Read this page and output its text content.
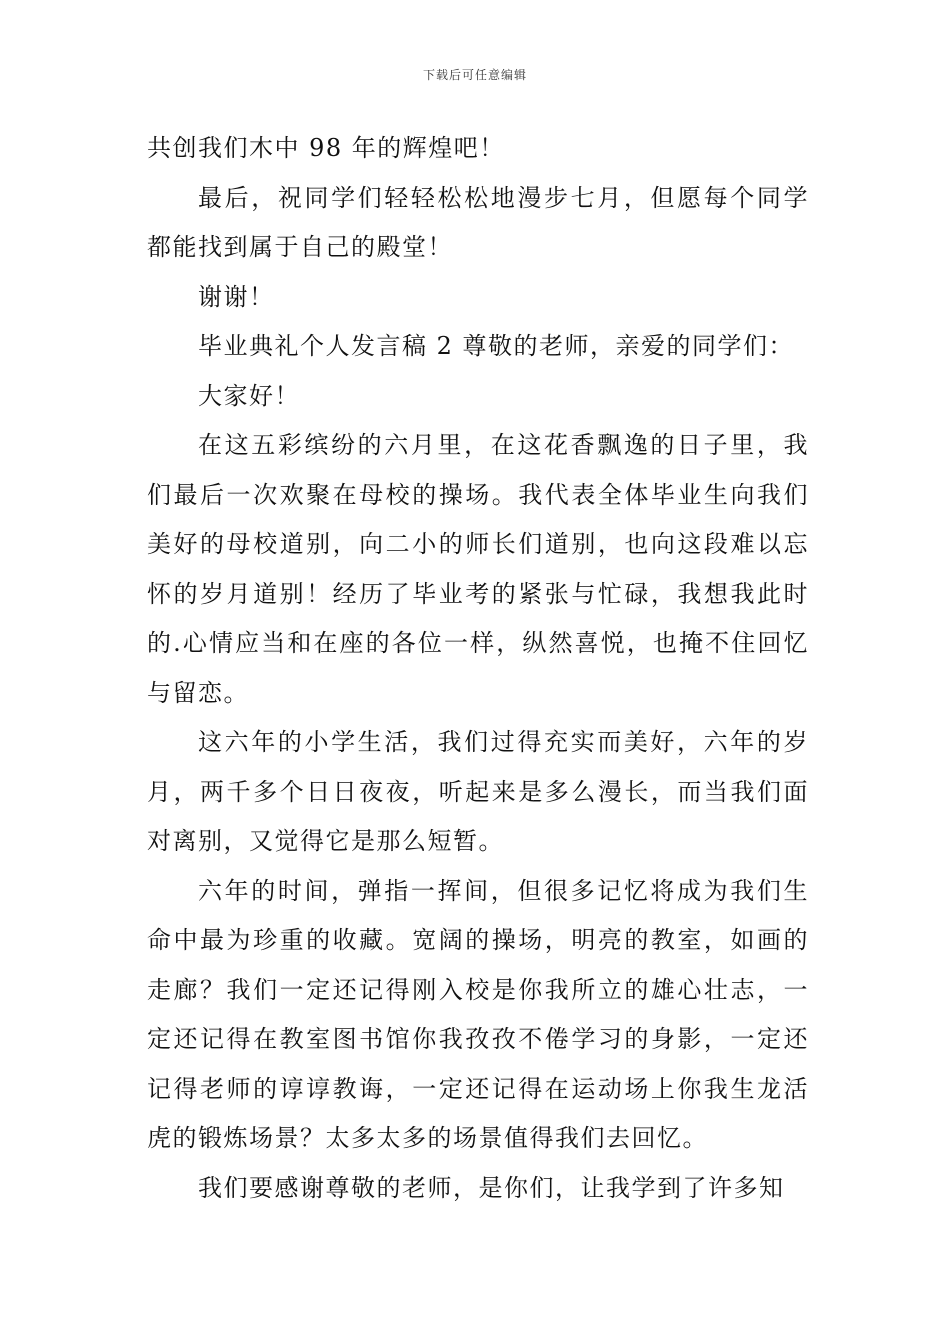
下载后可任意编辑

共创我们木中 98 年的辉煌吧！

最后，祝同学们轻轻松松地漫步七月，但愿每个同学都能找到属于自己的殿堂！

谢谢！

毕业典礼个人发言稿 2 尊敬的老师，亲爱的同学们：

大家好！

在这五彩缤纷的六月里，在这花香飘逸的日子里，我们最后一次欢聚在母校的操场。我代表全体毕业生向我们美好的母校道别，向二小的师长们道别，也向这段难以忘怀的岁月道别！经历了毕业考的紧张与忙碌，我想我此时的.心情应当和在座的各位一样，纵然喜悦，也掩不住回忆与留恋。

这六年的小学生活，我们过得充实而美好，六年的岁月，两千多个日日夜夜，听起来是多么漫长，而当我们面对离别，又觉得它是那么短暂。

六年的时间，弹指一挥间，但很多记忆将成为我们生命中最为珍重的收藏。宽阔的操场，明亮的教室，如画的走廊？我们一定还记得刚入校是你我所立的雄心壮志，一定还记得在教室图书馆你我孜孜不倦学习的身影，一定还记得老师的谆谆教诲，一定还记得在运动场上你我生龙活虎的锻炼场景？太多太多的场景值得我们去回忆。

我们要感谢尊敬的老师，是你们，让我学到了许多知
